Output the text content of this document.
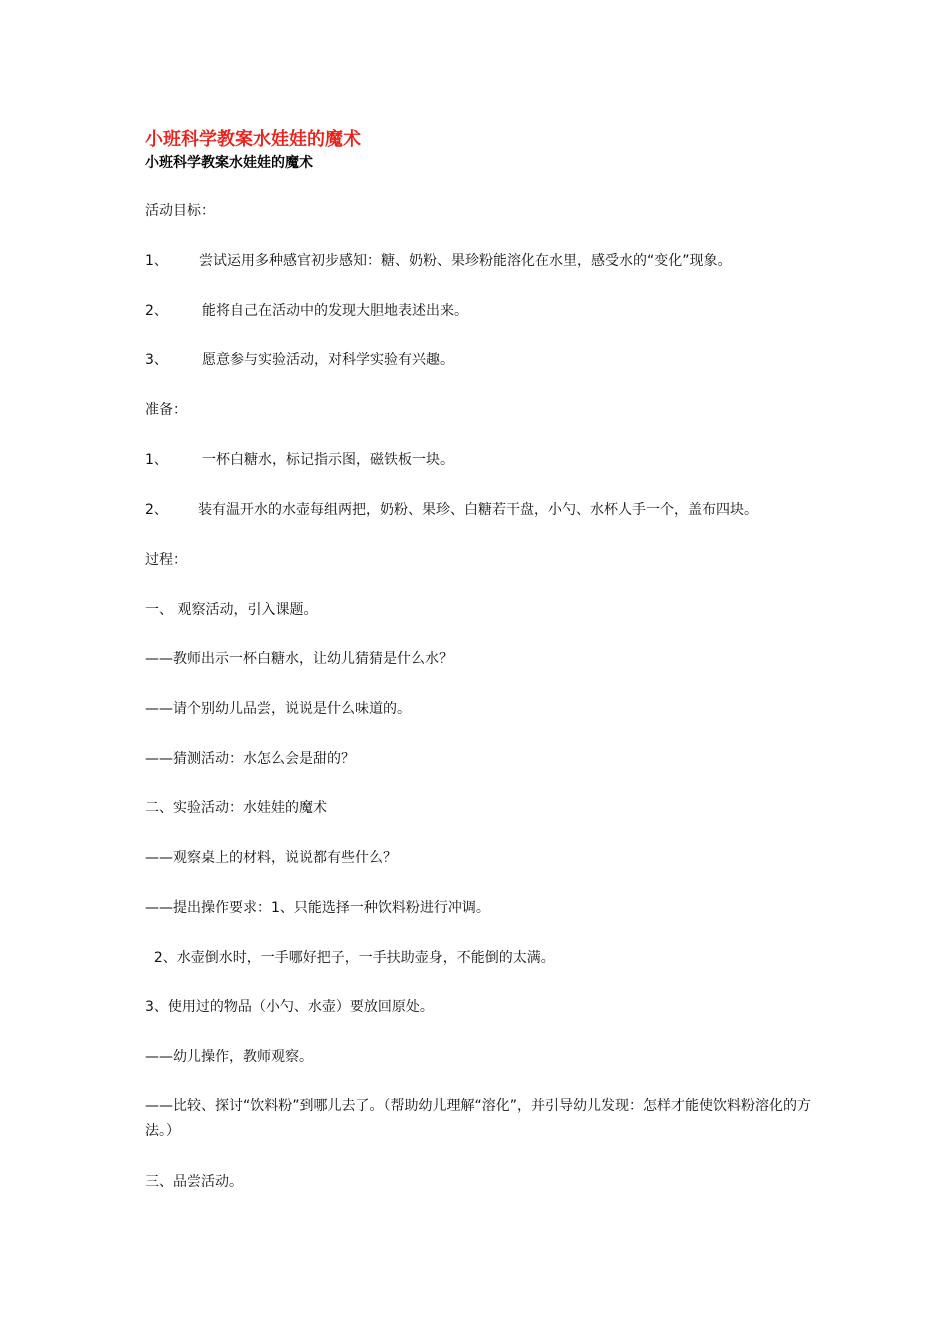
小班科学教案水娃娃的魔术
小班科学教案水娃娃的魔术
活动目标：
1、 尝试运用多种感官初步感知：糖、奶粉、果珍粉能溶化在水里，感受水的“变化”现象。
2、 能将自己在活动中的发现大胆地表述出来。
3、 愿意参与实验活动，对科学实验有兴趣。
准备：
1、 一杯白糖水，标记指示图，磁铁板一块。
2、 装有温开水的水壶每组两把，奶粉、果珍、白糖若干盘，小勺、水杯人手一个，盖布四块。
过程：
一、 观察活动，引入课题。
——教师出示一杯白糖水，让幼儿猜猜是什么水？
——请个别幼儿品尝，说说是什么味道的。
——猜测活动：水怎么会是甜的？
二、实验活动：水娃娃的魔术
——观察桌上的材料，说说都有些什么？
——提出操作要求：1、只能选择一种饮料粉进行冲调。
2、水壶倒水时，一手哪好把子，一手扶助壶身，不能倒的太满。
3、使用过的物品（小勺、水壶）要放回原处。
——幼儿操作，教师观察。
——比较、探讨“饮料粉”到哪儿去了。（帮助幼儿理解“溶化”，并引导幼儿发现：怎样才能使饮料粉溶化的方法。）
三、品尝活动。
